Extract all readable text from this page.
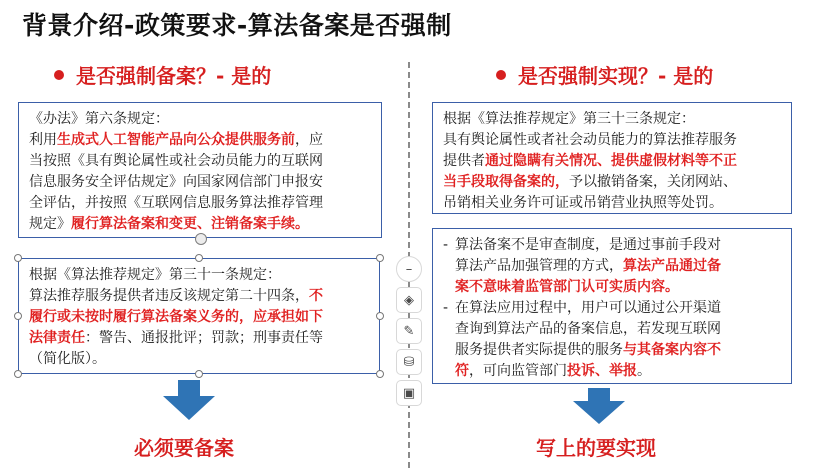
背景介绍-政策要求-算法备案是否强制
是否强制备案？- 是的	是否强制实现？- 是的
《办法》第六条规定：
利用生成式人工智能产品向公众提供服务前，应
当按照《具有舆论属性或社会动员能力的互联网
信息服务安全评估规定》向国家网信部门申报安
全评估，并按照《互联网信息服务算法推荐管理
规定》履行算法备案和变更、注销备案手续。
根据《算法推荐规定》第三十一条规定：
算法推荐服务提供者违反该规定第二十四条，不
履行或未按时履行算法备案义务的，应承担如下
法律责任：警告、通报批评；罚款；刑事责任等
（简化版）。
根据《算法推荐规定》第三十三条规定：
具有舆论属性或者社会动员能力的算法推荐服务
提供者通过隐瞒有关情况、提供虚假材料等不正
当手段取得备案的，予以撤销备案，关闭网站、
吊销相关业务许可证或吊销营业执照等处罚。
- 算法备案不是审查制度，是通过事前手段对
算法产品加强管理的方式，算法产品通过备
案不意味着监管部门认可实质内容。
- 在算法应用过程中，用户可以通过公开渠道
查询到算法产品的备案信息，若发现互联网
服务提供者实际提供的服务与其备案内容不
符，可向监管部门投诉、举报。
–
◈
✎
⛁
▣
必须要备案	写上的要实现
